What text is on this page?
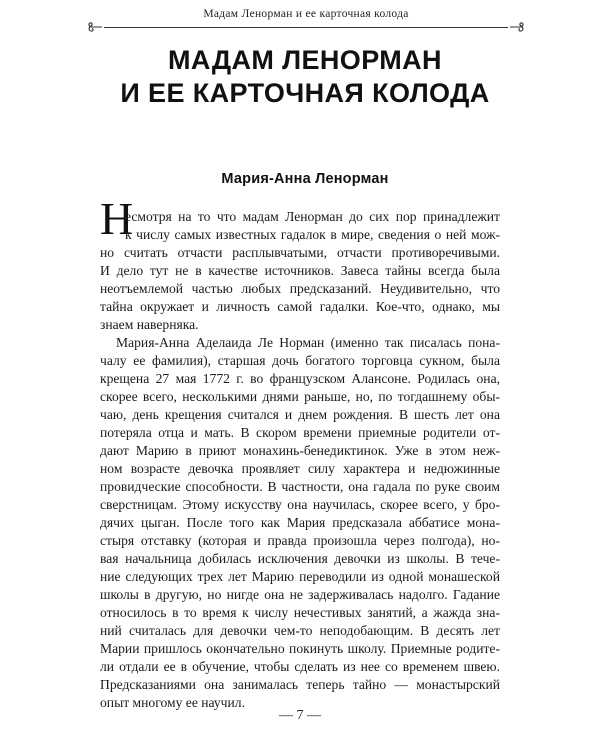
Мадам Ленорман и ее карточная колода
МАДАМ ЛЕНОРМАН
И ЕЕ КАРТОЧНАЯ КОЛОДА
Мария-Анна Ленорман
Н
есмотря на то что мадам Ленорман до сих пор принадлежит
к числу самых известных гадалок в мире, сведения о ней мож-
но считать отчасти расплывчатыми, отчасти противоречивыми.
И дело тут не в качестве источников. Завеса тайны всегда была
неотъемлемой частью любых предсказаний. Неудивительно, что
тайна окружает и личность самой гадалки. Кое-что, однако, мы
знаем наверняка.
Мария-Анна Аделаида Ле Норман (именно так писалась пона-
чалу ее фамилия), старшая дочь богатого торговца сукном, была
крещена 27 мая 1772 г. во французском Алансоне. Родилась она,
скорее всего, несколькими днями раньше, но, по тогдашнему обы-
чаю, день крещения считался и днем рождения. В шесть лет она
потеряла отца и мать. В скором времени приемные родители от-
дают Марию в приют монахинь-бенедиктинок. Уже в этом неж-
ном возрасте девочка проявляет силу характера и недюжинные
провидческие способности. В частности, она гадала по руке своим
сверстницам. Этому искусству она научилась, скорее всего, у бро-
дячих цыган. После того как Мария предсказала аббатисе мона-
стыря отставку (которая и правда произошла через полгода), но-
вая начальница добилась исключения девочки из школы. В тече-
ние следующих трех лет Марию переводили из одной монашеской
школы в другую, но нигде она не задерживалась надолго. Гадание
относилось в то время к числу нечестивых занятий, а жажда зна-
ний считалась для девочки чем-то неподобающим. В десять лет
Марии пришлось окончательно покинуть школу. Приемные родите-
ли отдали ее в обучение, чтобы сделать из нее со временем швею.
Предсказаниями она занималась теперь тайно — монастырский
опыт многому ее научил.
— 7 —
